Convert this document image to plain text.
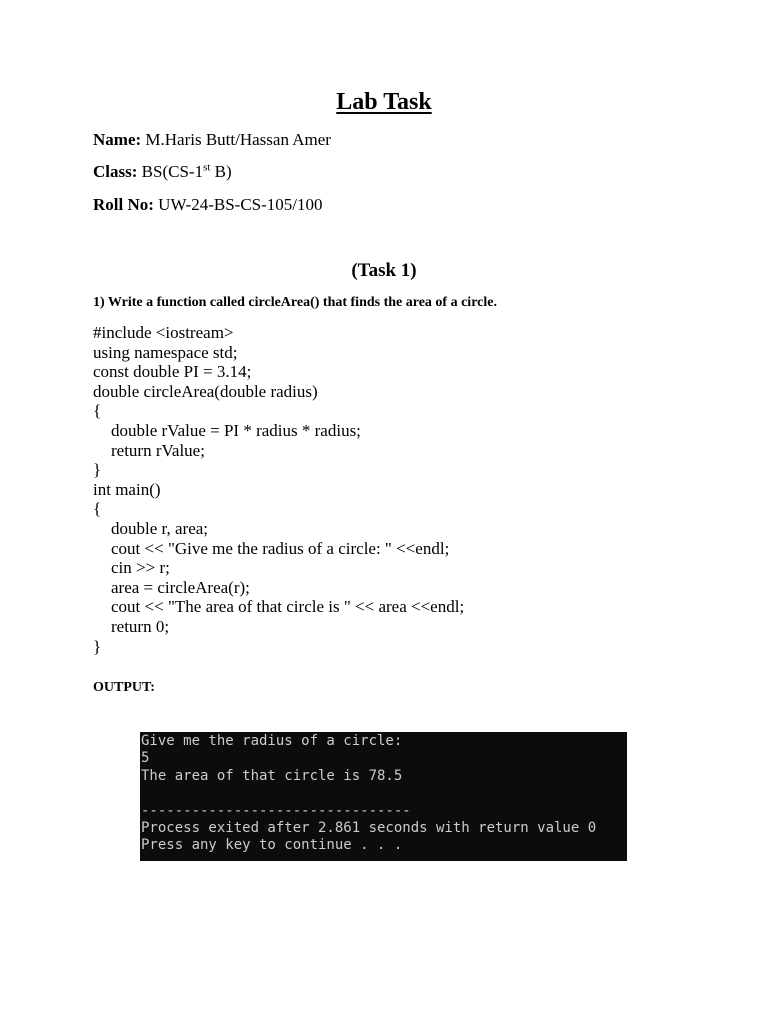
Lab Task
Name: M.Haris Butt/Hassan Amer
Class: BS(CS-1st B)
Roll No: UW-24-BS-CS-105/100
(Task 1)
1) Write a function called circleArea() that finds the area of a circle.
#include <iostream>
using namespace std;
const double PI = 3.14;
double circleArea(double radius)
{
double rValue = PI * radius * radius;
return rValue;
}
int main()
{
double r, area;
cout << "Give me the radius of a circle: " <<endl;
cin >> r;
area = circleArea(r);
cout << "The area of that circle is " << area <<endl;
return 0;
}
OUTPUT:
Give me the radius of a circle:
5
The area of that circle is 78.5
--------------------------------
Process exited after 2.861 seconds with return value 0
Press any key to continue . . .
